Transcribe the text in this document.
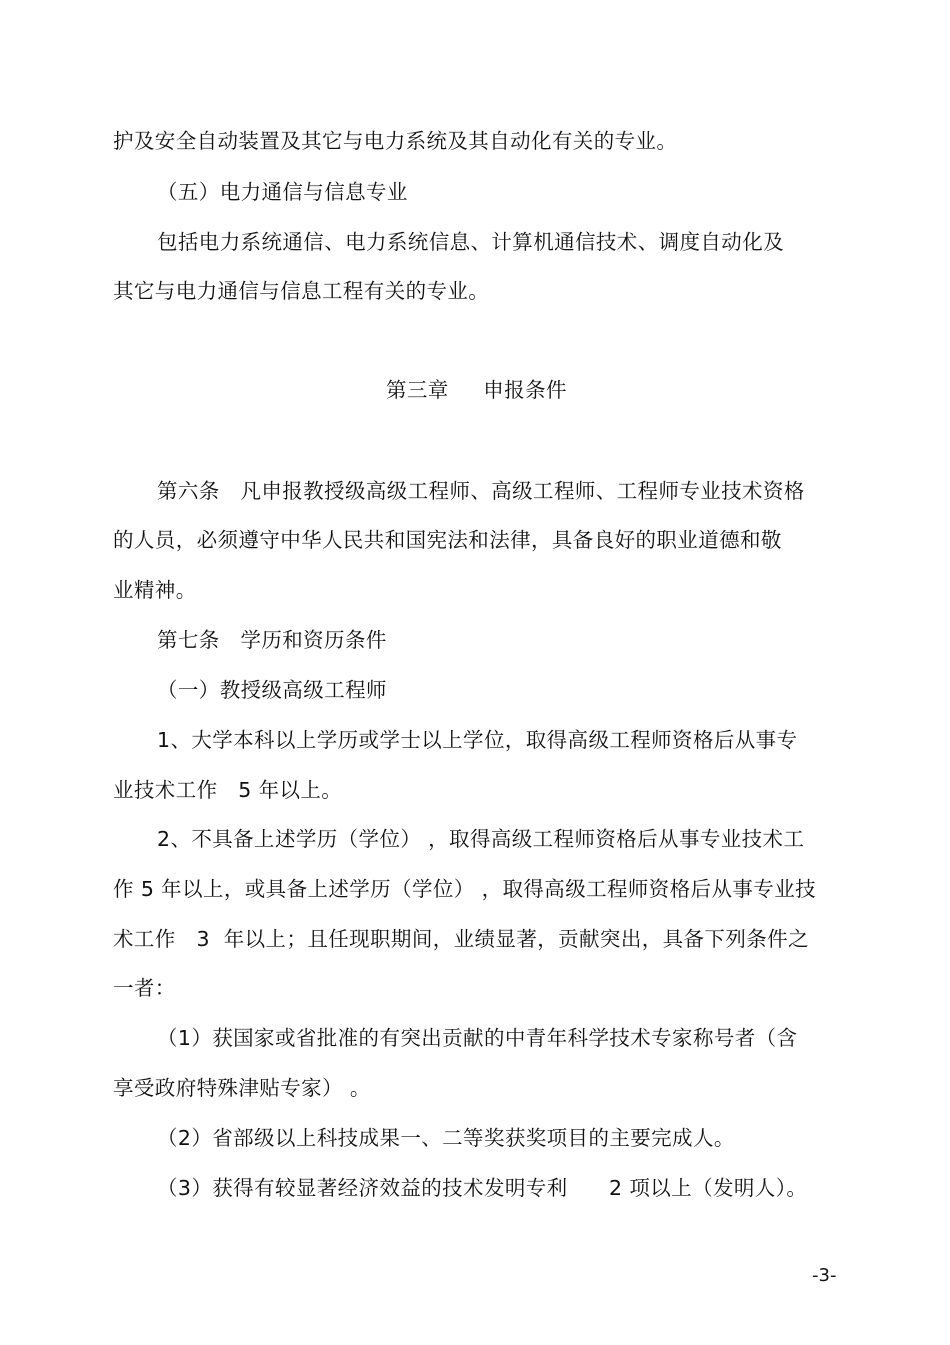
护及安全自动装置及其它与电力系统及其自动化有关的专业。
（五）电力通信与信息专业
包括电力系统通信、电力系统信息、计算机通信技术、调度自动化及
其它与电力通信与信息工程有关的专业。
第三章     申报条件
第六条   凡申报教授级高级工程师、高级工程师、工程师专业技术资格
的人员，必须遵守中华人民共和国宪法和法律，具备良好的职业道德和敬
业精神。
第七条   学历和资历条件
（一）教授级高级工程师
1、大学本科以上学历或学士以上学位，取得高级工程师资格后从事专
业技术工作   5 年以上。
2、不具备上述学历（学位） ，取得高级工程师资格后从事专业技术工
作 5 年以上，或具备上述学历（学位） ，取得高级工程师资格后从事专业技
术工作   3  年以上；且任现职期间，业绩显著，贡献突出，具备下列条件之
一者：
（1）获国家或省批准的有突出贡献的中青年科学技术专家称号者（含
享受政府特殊津贴专家） 。
（2）省部级以上科技成果一、二等奖获奖项目的主要完成人。
（3）获得有较显著经济效益的技术发明专利      2 项以上（发明人）。
-3-
